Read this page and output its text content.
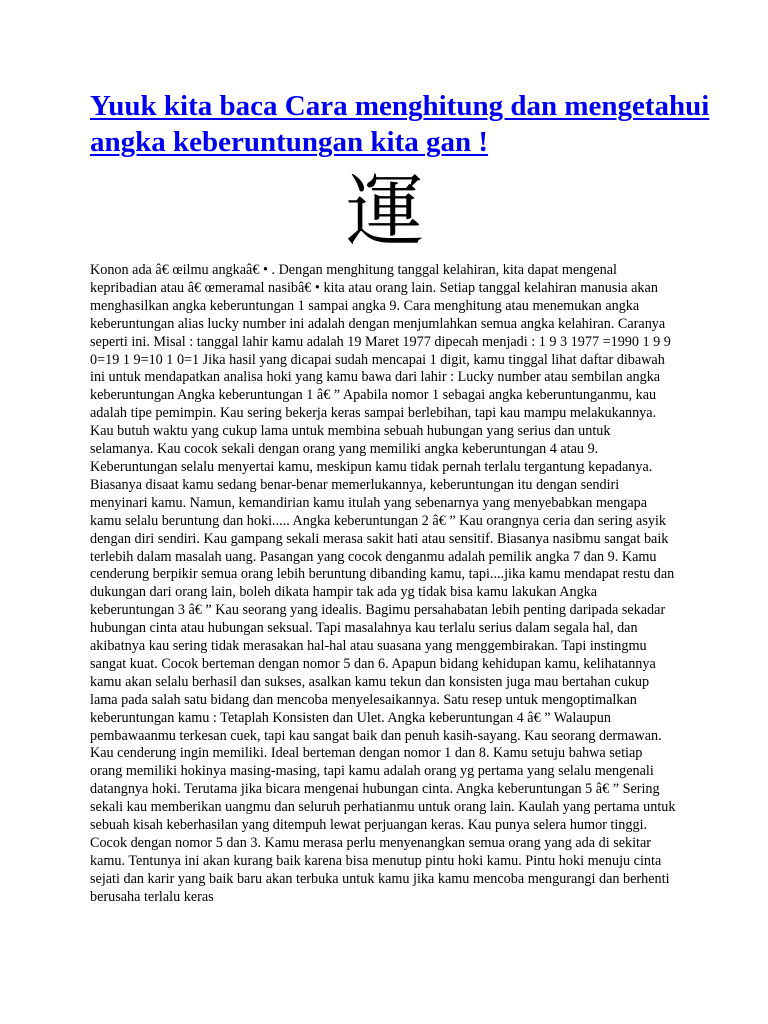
Yuuk kita baca Cara menghitung dan mengetahui angka keberuntungan kita gan !
運

Konon ada â€ œilmu angkaâ€ • . Dengan menghitung tanggal kelahiran, kita dapat mengenal kepribadian atau â€ œmeramal nasibâ€ • kita atau orang lain. Setiap tanggal kelahiran manusia akan menghasilkan angka keberuntungan 1 sampai angka 9. Cara menghitung atau menemukan angka keberuntungan alias lucky number ini adalah dengan menjumlahkan semua angka kelahiran. Caranya seperti ini. Misal : tanggal lahir kamu adalah 19 Maret 1977 dipecah menjadi : 1 9 3 1977 =1990 1 9 9 0=19 1 9=10 1 0=1 Jika hasil yang dicapai sudah mencapai 1 digit, kamu tinggal lihat daftar dibawah ini untuk mendapatkan analisa hoki yang kamu bawa dari lahir : Lucky number atau sembilan angka keberuntungan Angka keberuntungan 1 â€ ” Apabila nomor 1 sebagai angka keberuntunganmu, kau adalah tipe pemimpin. Kau sering bekerja keras sampai berlebihan, tapi kau mampu melakukannya. Kau butuh waktu yang cukup lama untuk membina sebuah hubungan yang serius dan untuk selamanya. Kau cocok sekali dengan orang yang memiliki angka keberuntungan 4 atau 9. Keberuntungan selalu menyertai kamu, meskipun kamu tidak pernah terlalu tergantung kepadanya. Biasanya disaat kamu sedang benar-benar memerlukannya, keberuntungan itu dengan sendiri menyinari kamu. Namun, kemandirian kamu itulah yang sebenarnya yang menyebabkan mengapa kamu selalu beruntung dan hoki..... Angka keberuntungan 2 â€ ” Kau orangnya ceria dan sering asyik dengan diri sendiri. Kau gampang sekali merasa sakit hati atau sensitif. Biasanya nasibmu sangat baik terlebih dalam masalah uang. Pasangan yang cocok denganmu adalah pemilik angka 7 dan 9. Kamu cenderung berpikir semua orang lebih beruntung dibanding kamu, tapi....jika kamu mendapat restu dan dukungan dari orang lain, boleh dikata hampir tak ada yg tidak bisa kamu lakukan Angka keberuntungan 3 â€ ” Kau seorang yang idealis. Bagimu persahabatan lebih penting daripada sekadar hubungan cinta atau hubungan seksual. Tapi masalahnya kau terlalu serius dalam segala hal, dan akibatnya kau sering tidak merasakan hal-hal atau suasana yang menggembirakan. Tapi instingmu sangat kuat. Cocok berteman dengan nomor 5 dan 6. Apapun bidang kehidupan kamu, kelihatannya kamu akan selalu berhasil dan sukses, asalkan kamu tekun dan konsisten juga mau bertahan cukup lama pada salah satu bidang dan mencoba menyelesaikannya. Satu resep untuk mengoptimalkan keberuntungan kamu : Tetaplah Konsisten dan Ulet. Angka keberuntungan 4 â€ ” Walaupun pembawaanmu terkesan cuek, tapi kau sangat baik dan penuh kasih-sayang. Kau seorang dermawan. Kau cenderung ingin memiliki. Ideal berteman dengan nomor 1 dan 8. Kamu setuju bahwa setiap orang memiliki hokinya masing-masing, tapi kamu adalah orang yg pertama yang selalu mengenali datangnya hoki. Terutama jika bicara mengenai hubungan cinta. Angka keberuntungan 5 â€ ” Sering sekali kau memberikan uangmu dan seluruh perhatianmu untuk orang lain. Kaulah yang pertama untuk sebuah kisah keberhasilan yang ditempuh lewat perjuangan keras. Kau punya selera humor tinggi. Cocok dengan nomor 5 dan 3. Kamu merasa perlu menyenangkan semua orang yang ada di sekitar kamu. Tentunya ini akan kurang baik karena bisa menutup pintu hoki kamu. Pintu hoki menuju cinta sejati dan karir yang baik baru akan terbuka untuk kamu jika kamu mencoba mengurangi dan berhenti berusaha terlalu keras
